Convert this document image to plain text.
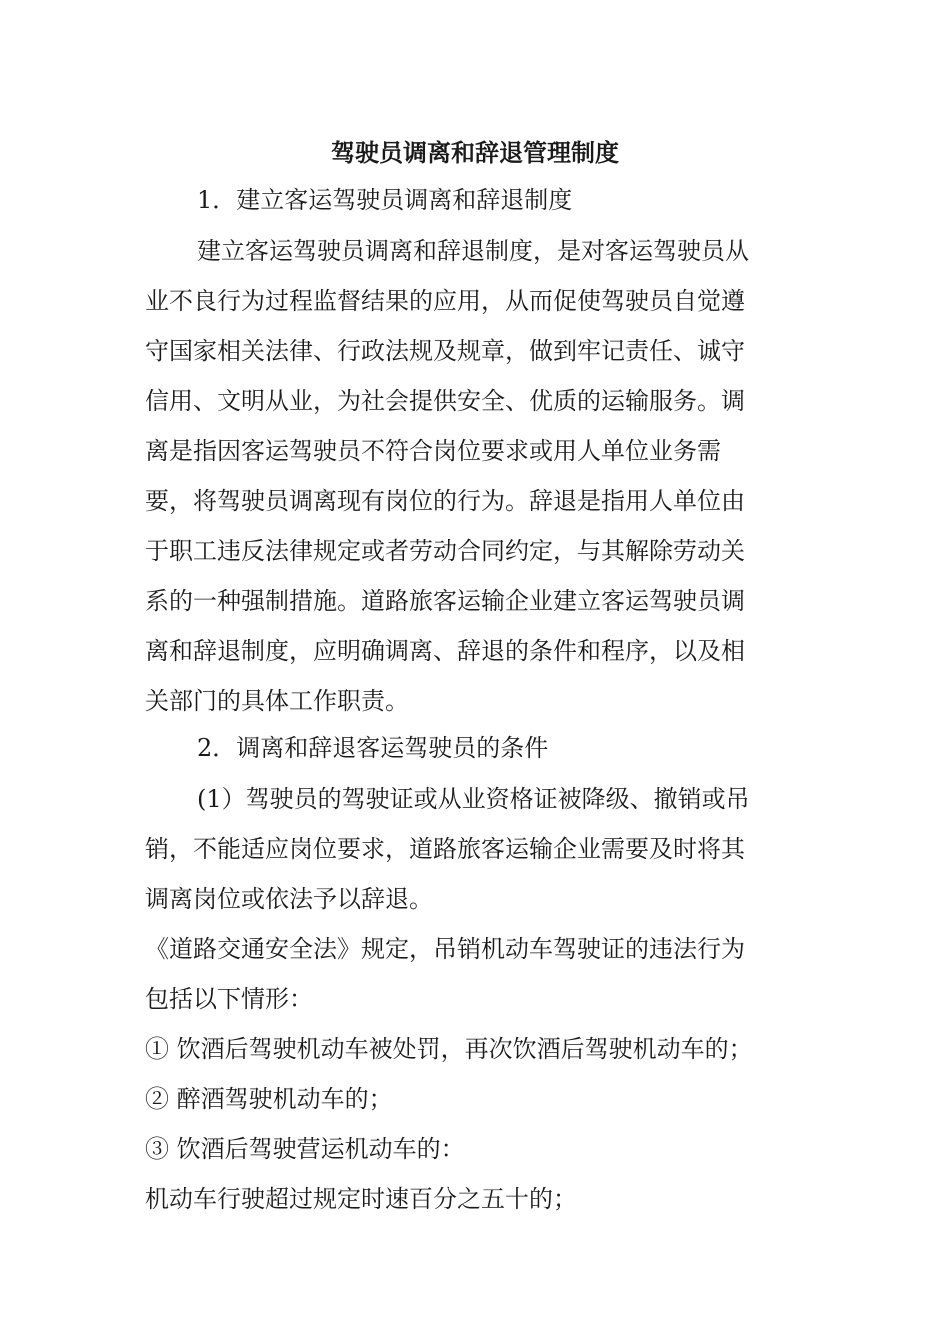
驾驶员调离和辞退管理制度
1．建立客运驾驶员调离和辞退制度
建立客运驾驶员调离和辞退制度，是对客运驾驶员从
业不良行为过程监督结果的应用，从而促使驾驶员自觉遵
守国家相关法律、行政法规及规章，做到牢记责任、诚守
信用、文明从业，为社会提供安全、优质的运输服务。调
离是指因客运驾驶员不符合岗位要求或用人单位业务需
要，将驾驶员调离现有岗位的行为。辞退是指用人单位由
于职工违反法律规定或者劳动合同约定，与其解除劳动关
系的一种强制措施。道路旅客运输企业建立客运驾驶员调
离和辞退制度，应明确调离、辞退的条件和程序，以及相
关部门的具体工作职责。
2．调离和辞退客运驾驶员的条件
(1）驾驶员的驾驶证或从业资格证被降级、撤销或吊
销，不能适应岗位要求，道路旅客运输企业需要及时将其
调离岗位或依法予以辞退。
《道路交通安全法》规定，吊销机动车驾驶证的违法行为
包括以下情形：
① 饮酒后驾驶机动车被处罚，再次饮酒后驾驶机动车的；
② 醉酒驾驶机动车的；
③ 饮酒后驾驶营运机动车的：
机动车行驶超过规定时速百分之五十的；
